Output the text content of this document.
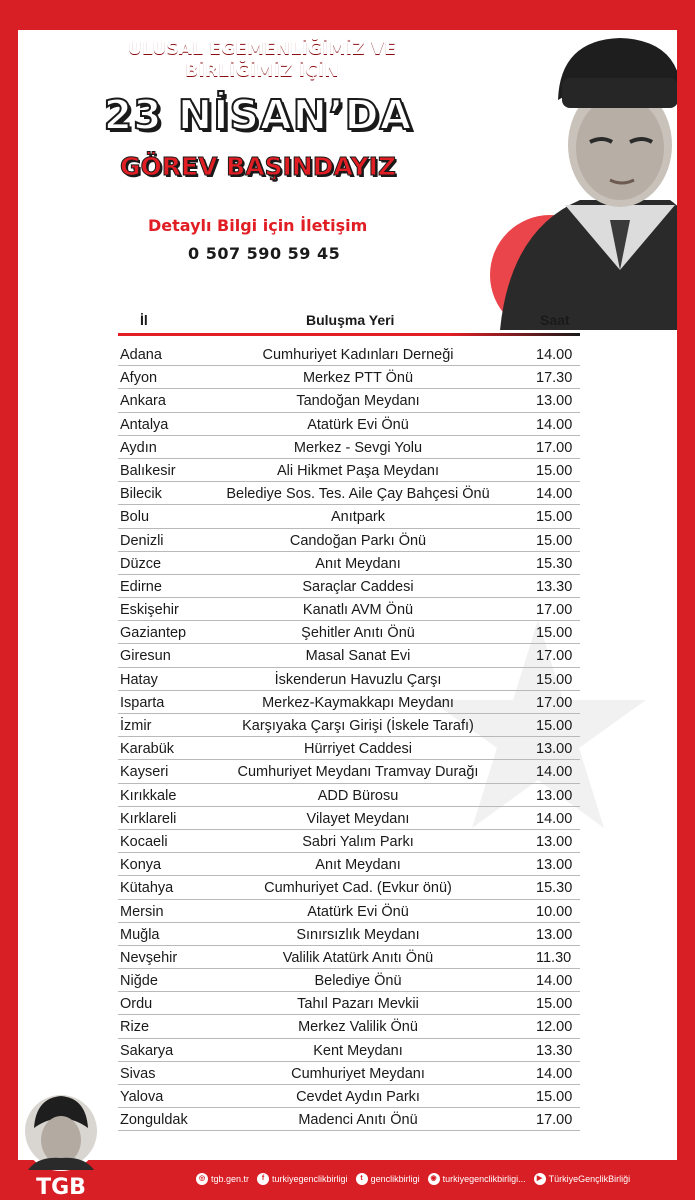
ULUSAL EGEMENLİĞİMİZ VE
BİRLİĞİMİZ İÇİN
23 NİSAN’DA
GÖREV BAŞINDAYIZ
Detaylı Bilgi için İletişim
0 507 590 59 45
İl	Buluşma Yeri	Saat
Adana	Cumhuriyet Kadınları Derneği	14.00
Afyon	Merkez PTT Önü	17.30
Ankara	Tandoğan Meydanı	13.00
Antalya	Atatürk Evi Önü	14.00
Aydın	Merkez - Sevgi Yolu	17.00
Balıkesir	Ali Hikmet Paşa Meydanı	15.00
Bilecik	Belediye Sos. Tes. Aile Çay Bahçesi Önü	14.00
Bolu	Anıtpark	15.00
Denizli	Candoğan Parkı Önü	15.00
Düzce	Anıt Meydanı	15.30
Edirne	Saraçlar Caddesi	13.30
Eskişehir	Kanatlı AVM Önü	17.00
Gaziantep	Şehitler Anıtı Önü	15.00
Giresun	Masal Sanat Evi	17.00
Hatay	İskenderun Havuzlu Çarşı	15.00
Isparta	Merkez-Kaymakkapı Meydanı	17.00
İzmir	Karşıyaka Çarşı Girişi (İskele Tarafı)	15.00
Karabük	Hürriyet Caddesi	13.00
Kayseri	Cumhuriyet Meydanı Tramvay Durağı	14.00
Kırıkkale	ADD Bürosu	13.00
Kırklareli	Vilayet Meydanı	14.00
Kocaeli	Sabri Yalım Parkı	13.00
Konya	Anıt Meydanı	13.00
Kütahya	Cumhuriyet Cad. (Evkur önü)	15.30
Mersin	Atatürk Evi Önü	10.00
Muğla	Sınırsızlık Meydanı	13.00
Nevşehir	Valilik Atatürk Anıtı Önü	11.30
Niğde	Belediye Önü	14.00
Ordu	Tahıl Pazarı Mevkii	15.00
Rize	Merkez Valilik Önü	12.00
Sakarya	Kent Meydanı	13.30
Sivas	Cumhuriyet Meydanı	14.00
Yalova	Cevdet Aydın Parkı	15.00
Zonguldak	Madenci Anıtı Önü	17.00
TGB	◎ tgb.gen.tr	f turkiyegenclikbirligi	t genclikbirligi	◉ turkiyegenclikbirligi...	▶ TürkiyeGençlikBirliği
